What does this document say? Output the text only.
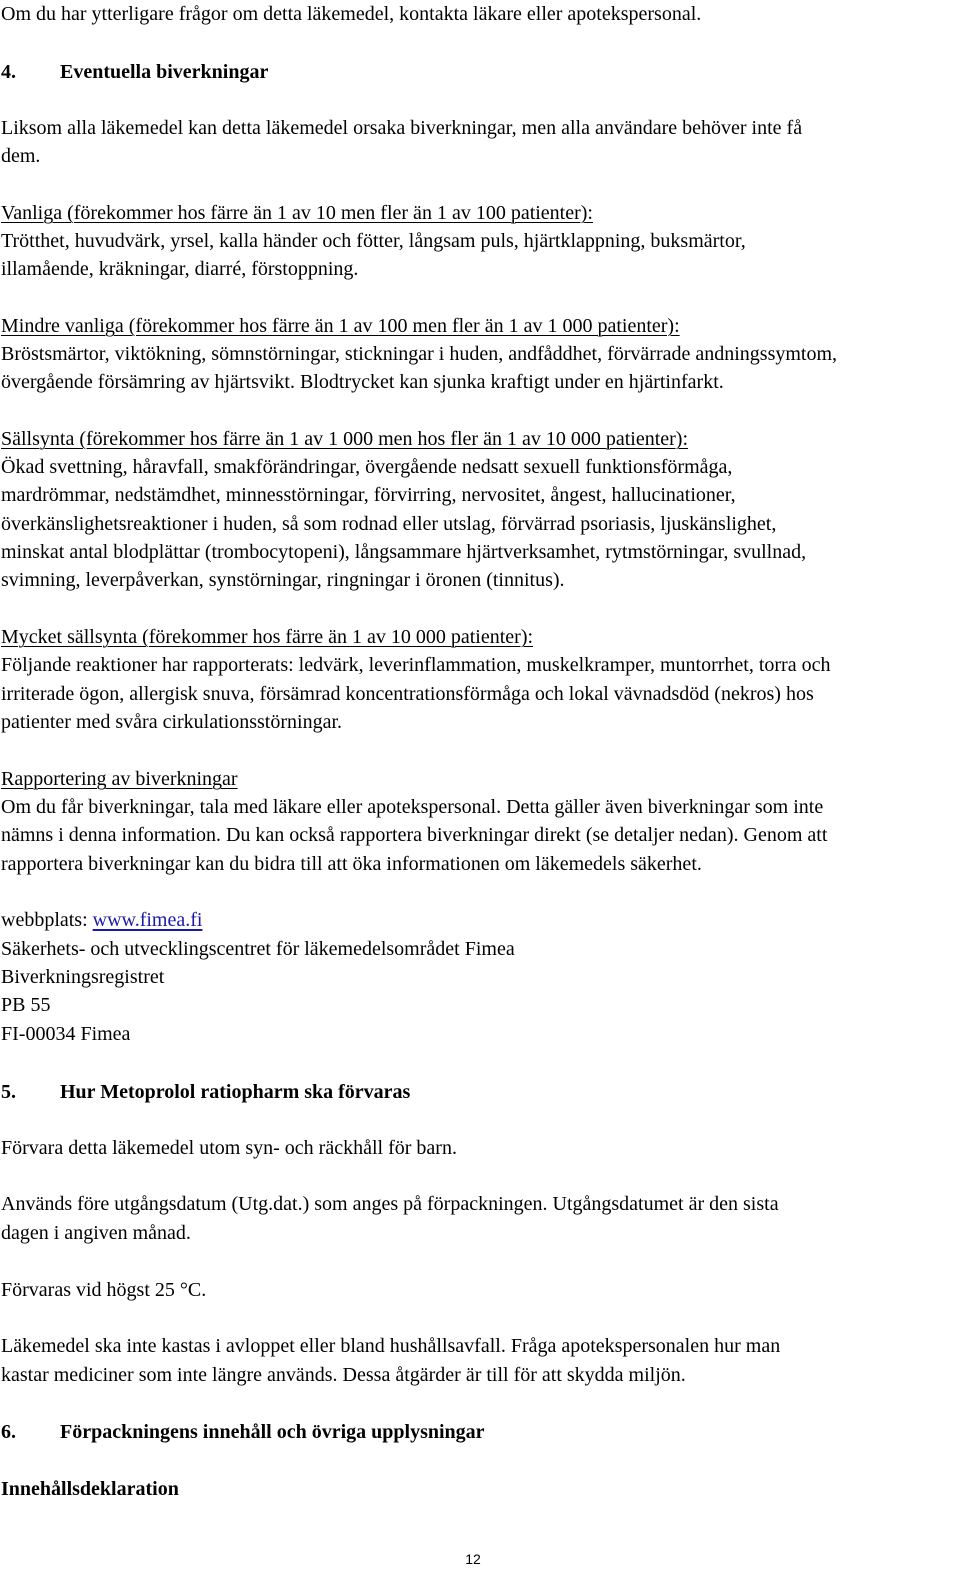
Om du har ytterligare frågor om detta läkemedel, kontakta läkare eller apotekspersonal.
4. Eventuella biverkningar
Liksom alla läkemedel kan detta läkemedel orsaka biverkningar, men alla användare behöver inte få
dem.
Vanliga (förekommer hos färre än 1 av 10 men fler än 1 av 100 patienter):
Trötthet, huvudvärk, yrsel, kalla händer och fötter, långsam puls, hjärtklappning, buksmärtor,
illamående, kräkningar, diarré, förstoppning.
Mindre vanliga (förekommer hos färre än 1 av 100 men fler än 1 av 1 000 patienter):
Bröstsmärtor, viktökning, sömnstörningar, stickningar i huden, andfåddhet, förvärrade andningssymtom,
övergående försämring av hjärtsvikt. Blodtrycket kan sjunka kraftigt under en hjärtinfarkt.
Sällsynta (förekommer hos färre än 1 av 1 000 men hos fler än 1 av 10 000 patienter):
Ökad svettning, håravfall, smakförändringar, övergående nedsatt sexuell funktionsförmåga,
mardrömmar, nedstämdhet, minnesstörningar, förvirring, nervositet, ångest, hallucinationer,
överkänslighetsreaktioner i huden, så som rodnad eller utslag, förvärrad psoriasis, ljuskänslighet,
minskat antal blodplättar (trombocytopeni), långsammare hjärtverksamhet, rytmstörningar, svullnad,
svimning, leverpåverkan, synstörningar, ringningar i öronen (tinnitus).
Mycket sällsynta (förekommer hos färre än 1 av 10 000 patienter):
Följande reaktioner har rapporterats: ledvärk, leverinflammation, muskelkramper, muntorrhet, torra och
irriterade ögon, allergisk snuva, försämrad koncentrationsförmåga och lokal vävnadsdöd (nekros) hos
patienter med svåra cirkulationsstörningar.
Rapportering av biverkningar
Om du får biverkningar, tala med läkare eller apotekspersonal. Detta gäller även biverkningar som inte
nämns i denna information. Du kan också rapportera biverkningar direkt (se detaljer nedan). Genom att
rapportera biverkningar kan du bidra till att öka informationen om läkemedels säkerhet.
webbplats: www.fimea.fi
Säkerhets- och utvecklingscentret för läkemedelsområdet Fimea
Biverkningsregistret
PB 55
FI-00034 Fimea
5. Hur Metoprolol ratiopharm ska förvaras
Förvara detta läkemedel utom syn- och räckhåll för barn.
Används före utgångsdatum (Utg.dat.) som anges på förpackningen. Utgångsdatumet är den sista
dagen i angiven månad.
Förvaras vid högst 25 °C.
Läkemedel ska inte kastas i avloppet eller bland hushållsavfall. Fråga apotekspersonalen hur man
kastar mediciner som inte längre används. Dessa åtgärder är till för att skydda miljön.
6. Förpackningens innehåll och övriga upplysningar
Innehållsdeklaration
12
